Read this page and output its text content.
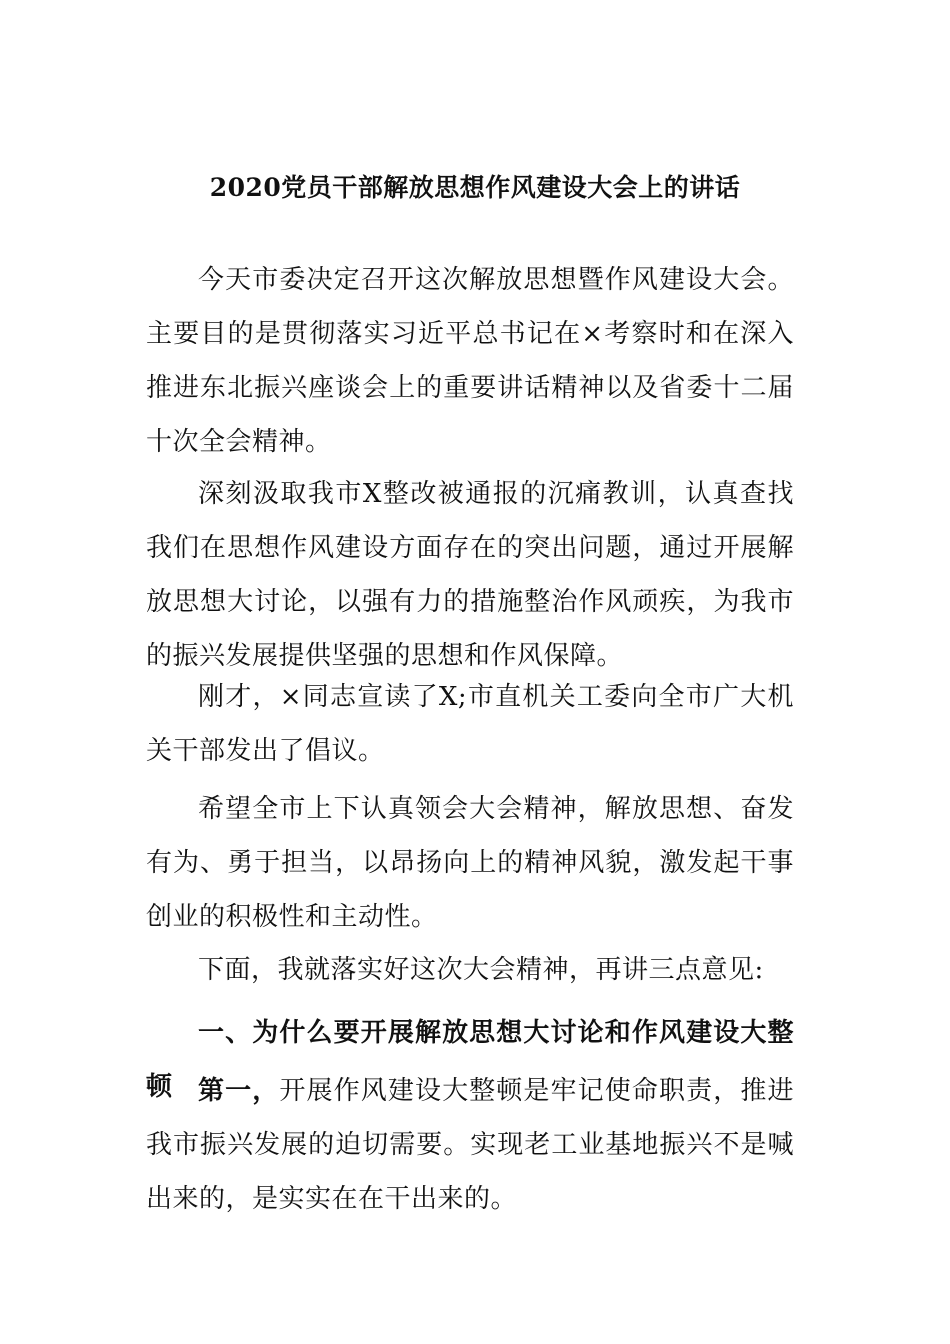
2020党员干部解放思想作风建设大会上的讲话
今天市委决定召开这次解放思想暨作风建设大会。主要目的是贯彻落实习近平总书记在×考察时和在深入推进东北振兴座谈会上的重要讲话精神以及省委十二届十次全会精神。
深刻汲取我市X整改被通报的沉痛教训，认真查找我们在思想作风建设方面存在的突出问题，通过开展解放思想大讨论，以强有力的措施整治作风顽疾，为我市的振兴发展提供坚强的思想和作风保障。
刚才，×同志宣读了X;市直机关工委向全市广大机关干部发出了倡议。
希望全市上下认真领会大会精神，解放思想、奋发有为、勇于担当，以昂扬向上的精神风貌，激发起干事创业的积极性和主动性。
下面，我就落实好这次大会精神，再讲三点意见:
一、为什么要开展解放思想大讨论和作风建设大整顿 第一，开展作风建设大整顿是牢记使命职责，推进我市振兴发展的迫切需要。实现老工业基地振兴不是喊出来的，是实实在在干出来的。
